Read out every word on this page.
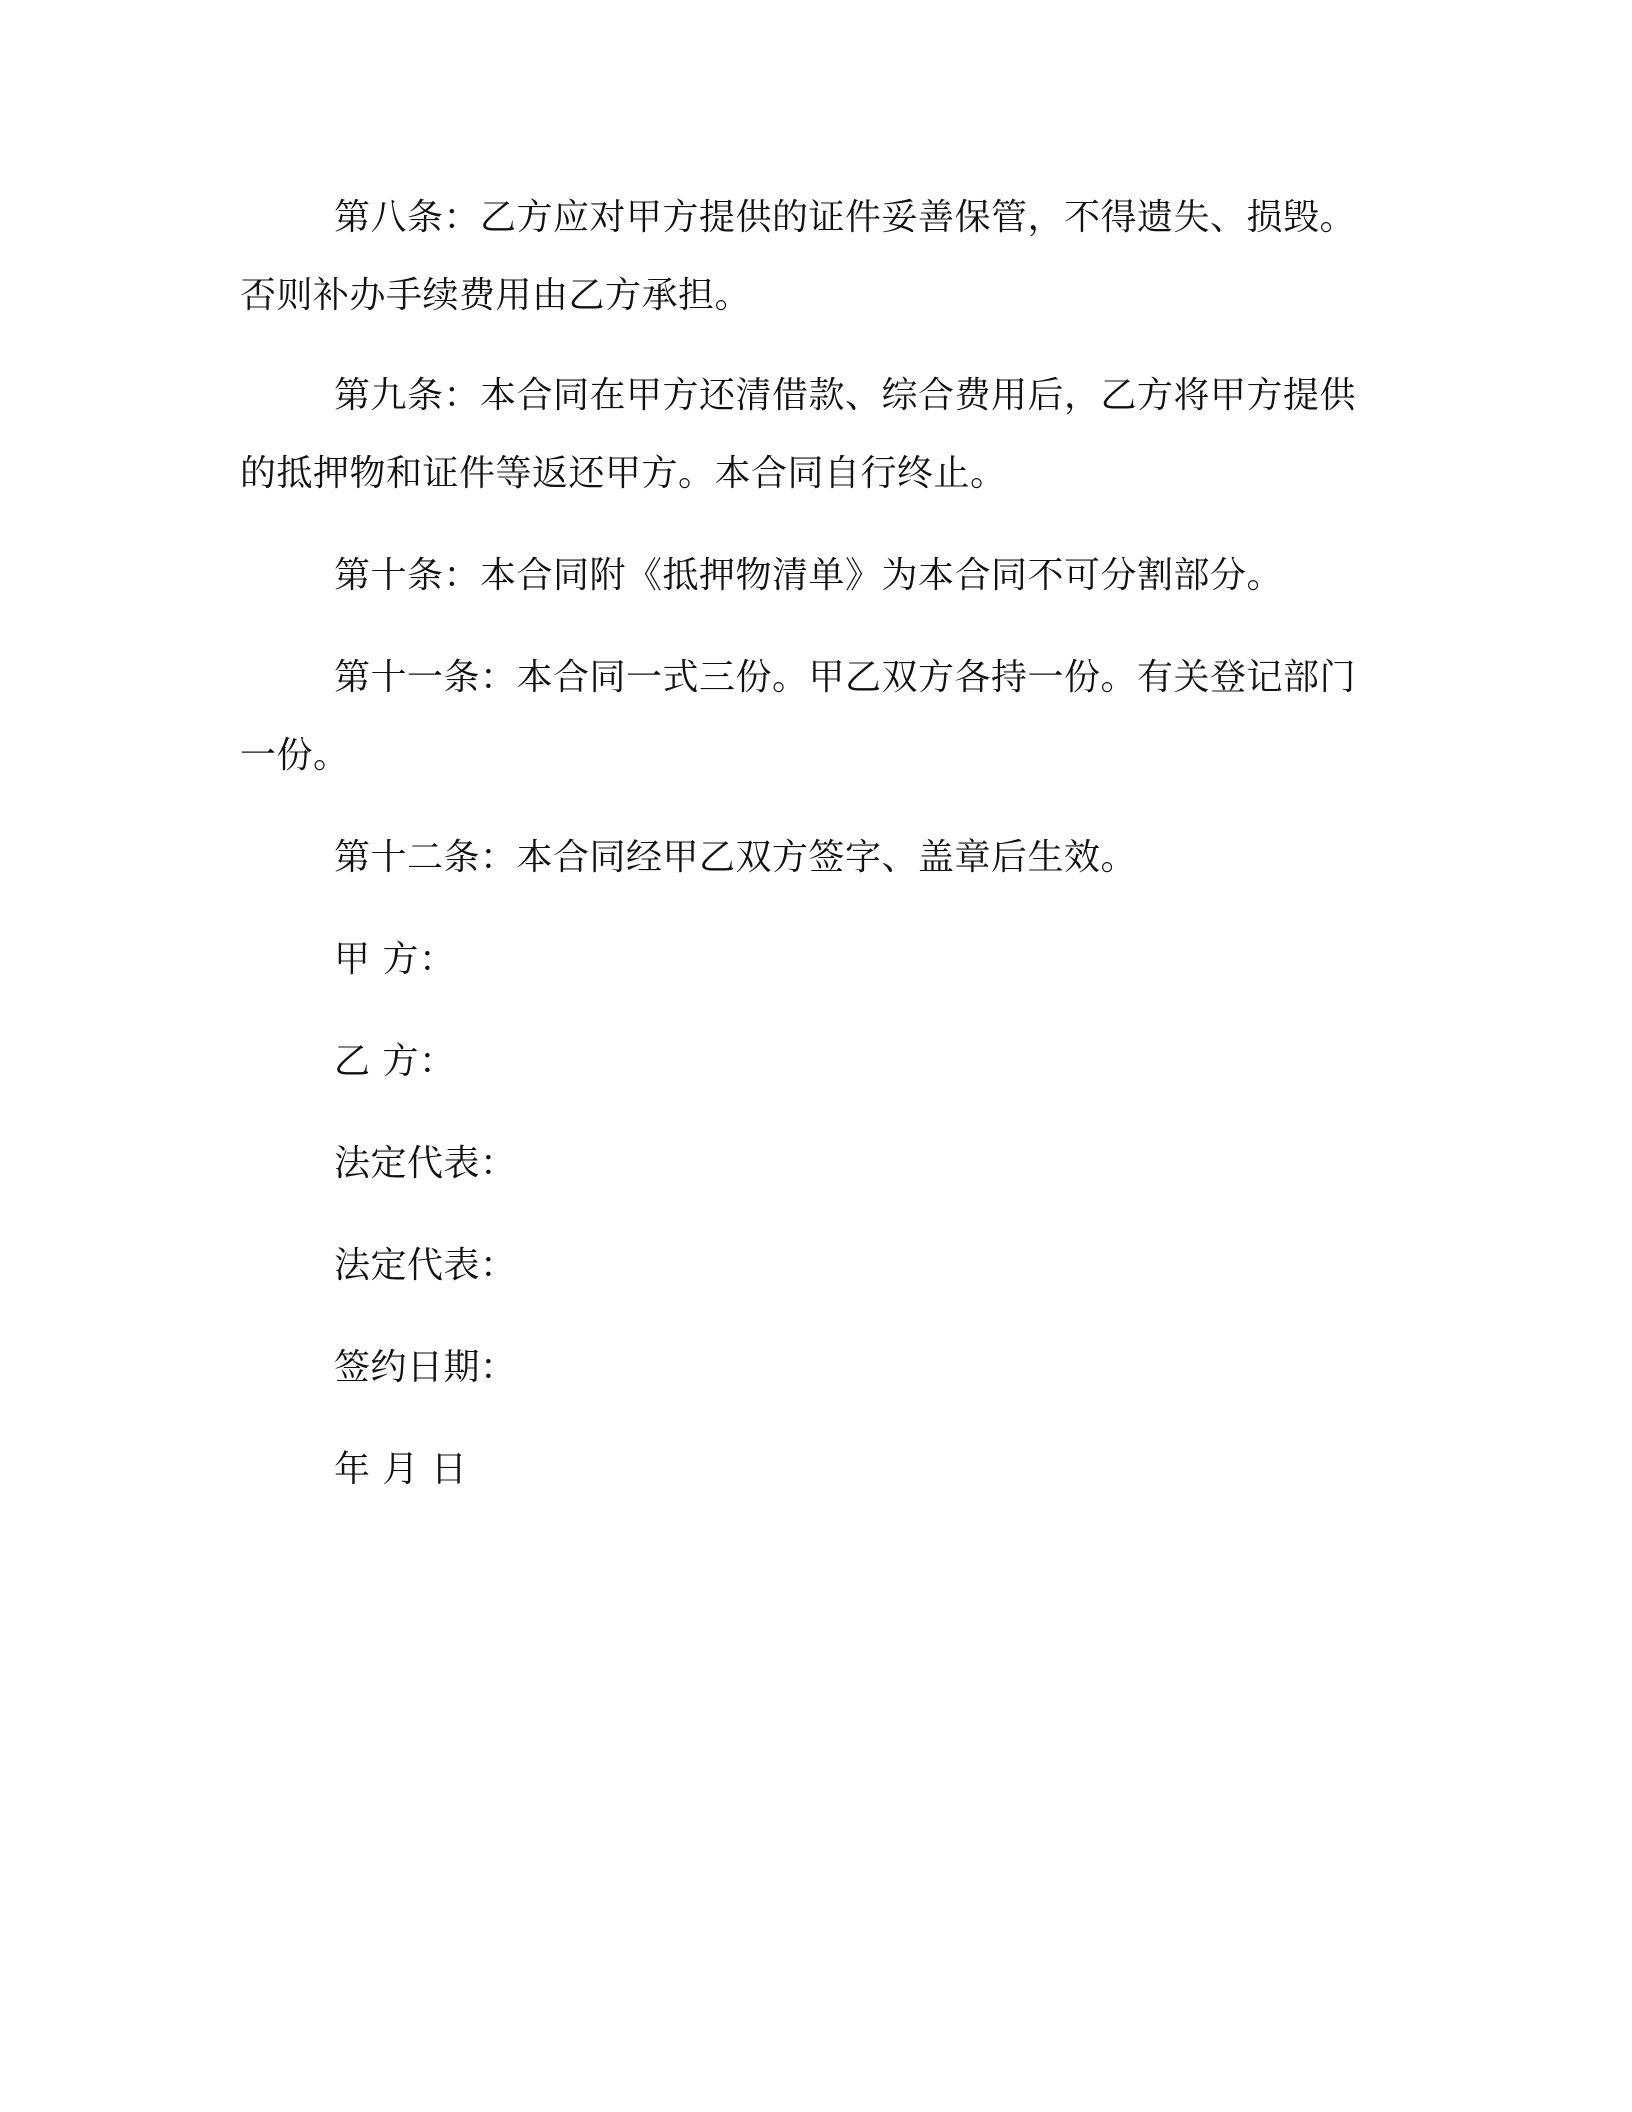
第八条：乙方应对甲方提供的证件妥善保管，不得遗失、损毁。
否则补办手续费用由乙方承担。
第九条：本合同在甲方还清借款、综合费用后，乙方将甲方提供
的抵押物和证件等返还甲方。本合同自行终止。
第十条：本合同附《抵押物清单》为本合同不可分割部分。
第十一条：本合同一式三份。甲乙双方各持一份。有关登记部门
一份。
第十二条：本合同经甲乙双方签字、盖章后生效。
甲 方：
乙 方：
法定代表：
法定代表：
签约日期：
年 月 日
